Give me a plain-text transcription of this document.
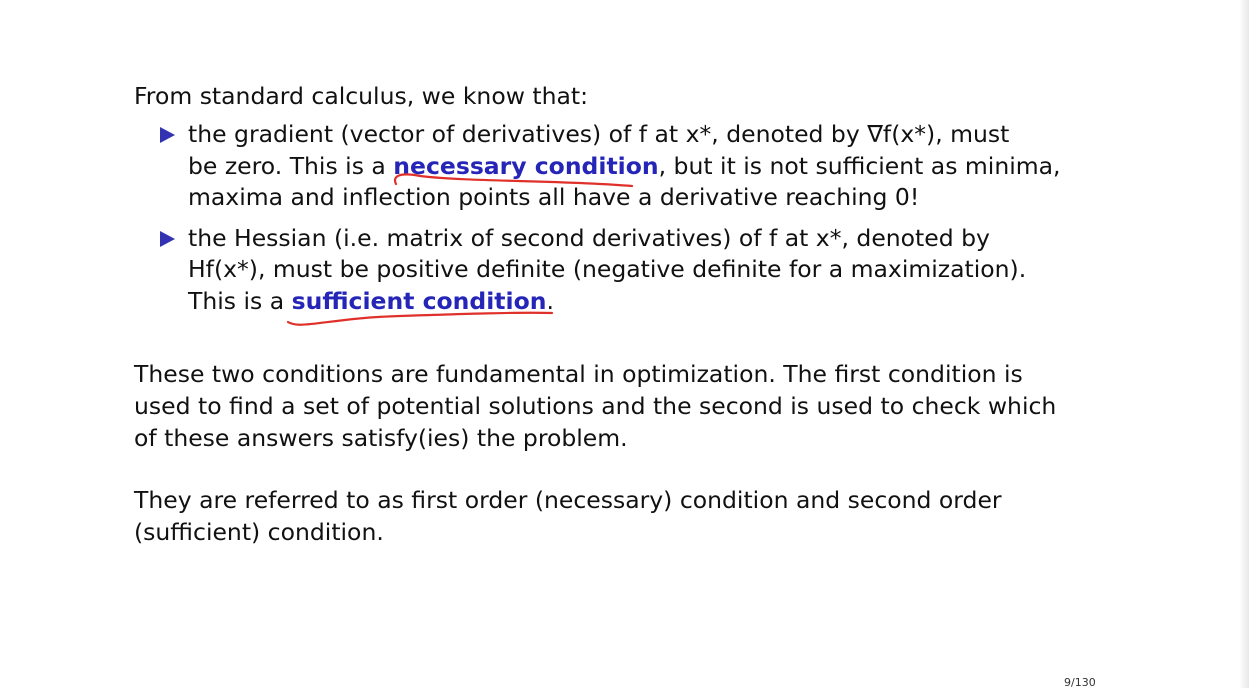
From standard calculus, we know that:
the gradient (vector of derivatives) of f at x*, denoted by ∇f(x*), must
be zero. This is a necessary condition, but it is not sufficient as minima,
maxima and inflection points all have a derivative reaching 0!
the Hessian (i.e. matrix of second derivatives) of f at x*, denoted by
Hf(x*), must be positive definite (negative definite for a maximization).
This is a sufficient condition.
These two conditions are fundamental in optimization. The first condition is
used to find a set of potential solutions and the second is used to check which
of these answers satisfy(ies) the problem.
They are referred to as first order (necessary) condition and second order
(sufficient) condition.
9/130
